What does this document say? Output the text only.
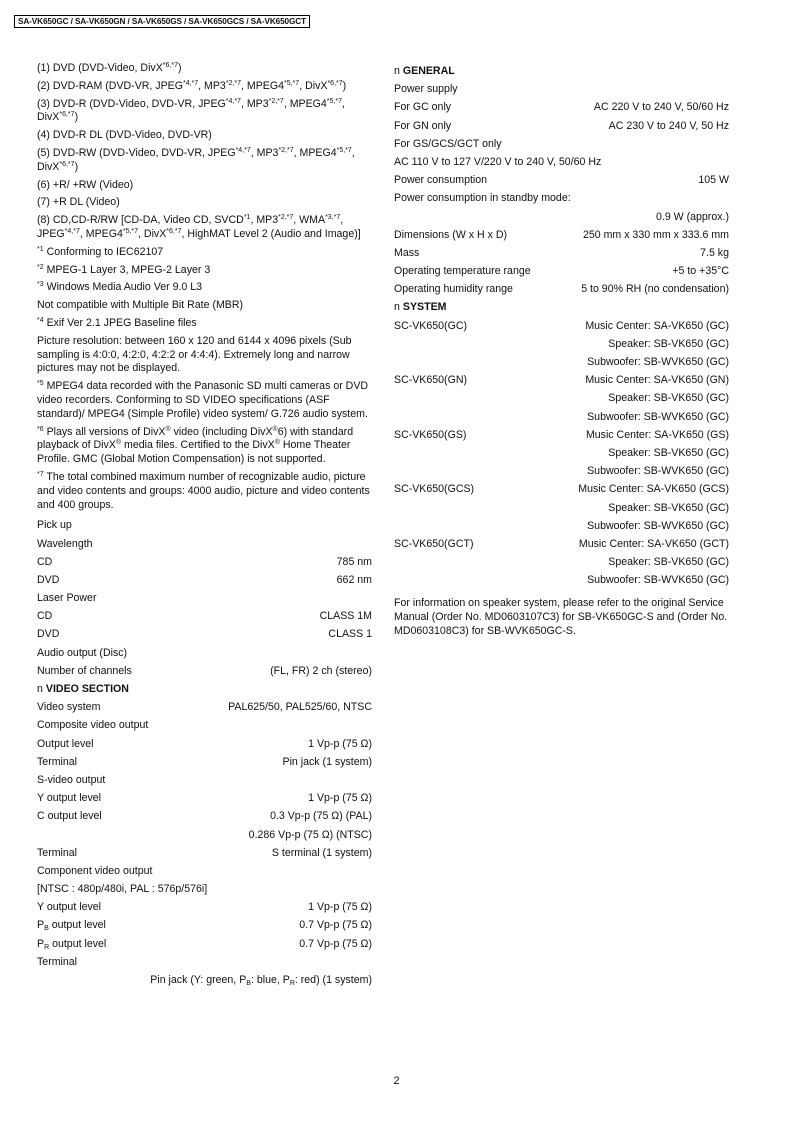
SA-VK650GC / SA-VK650GN / SA-VK650GS / SA-VK650GCS / SA-VK650GCT
(1) DVD (DVD-Video, DivX$^{*6,*7}$)
(2) DVD-RAM (DVD-VR, $JPEG^{*4,*7}$, $MP3^{*2,*7}$, $MPEG4^{*5,*7}$, DivX$^{*6,*7}$)
(3) DVD-R (DVD-Video, DVD-VR, $JPEG^{*4,*7}$, $MP3^{*2,*7}$, $MPEG4^{*5,*7}$, DivX$^{*6,*7}$)
(4) DVD-R DL (DVD-Video, DVD-VR)
(5) DVD-RW (DVD-Video, DVD-VR, $JPEG^{*4,*7}$, $MP3^{*2,*7}$, $MPEG4^{*5,*7}$, DivX$^{*6,*7}$)
(6) +R/ +RW (Video)
(7) +R DL (Video)
(8) CD,CD-R/RW [CD-DA, Video CD, SVCD$^{*1}$, $MP3^{*2,*7}$, $WMA^{*3,*7}$, $JPEG^{*4,*7}$, $MPEG4^{*5,*7}$, DivX$^{*6,*7}$, HighMAT Level 2 (Audio and Image)]
$^{*1}$ Conforming to IEC62107
$^{*2}$ MPEG-1 Layer 3, MPEG-2 Layer 3
$^{*3}$ Windows Media Audio Ver 9.0 L3
Not compatible with Multiple Bit Rate (MBR)
$^{*4}$ Exif Ver 2.1 JPEG Baseline files
Picture resolution: between 160 x 120 and 6144 x 4096 pixels (Sub sampling is 4:0:0, 4:2:0, 4:2:2 or 4:4:4). Extremely long and narrow pictures may not be displayed.
$^{*5}$ MPEG4 data recorded with the Panasonic SD multi cameras or DVD video recorders. Conforming to SD VIDEO specifications (ASF standard)/ MPEG4 (Simple Profile) video system/ G.726 audio system.
$^{*6}$ Plays all versions of DivX® video (including DivX®6) with standard playback of DivX® media files. Certified to the DivX® Home Theater Profile. GMC (Global Motion Compensation) is not supported.
$^{*7}$ The total combined maximum number of recognizable audio, picture and video contents and groups: 4000 audio, picture and video contents and 400 groups.
Pick up
Wavelength
CD	785 nm
DVD	662 nm
Laser Power
CD	CLASS 1M
DVD	CLASS 1
Audio output (Disc)
Number of channels	(FL, FR) 2 ch (stereo)
n VIDEO SECTION
Video system	PAL625/50, PAL525/60, NTSC
Composite video output
Output level	1 Vp-p (75 Ω)
Terminal	Pin jack (1 system)
S-video output
Y output level	1 Vp-p (75 Ω)
C output level	0.3 Vp-p (75 Ω) (PAL)
0.286 Vp-p (75 Ω) (NTSC)
Terminal	S terminal (1 system)
Component video output
[NTSC : 480p/480i, PAL : 576p/576i]
Y output level	1 Vp-p (75 Ω)
$P_B$ output level	0.7 Vp-p (75 Ω)
$P_R$ output level	0.7 Vp-p (75 Ω)
Terminal
Pin jack (Y: green, $P_B$: blue, $P_R$: red) (1 system)
n GENERAL
Power supply
For GC only	AC 220 V to 240 V, 50/60 Hz
For GN only	AC 230 V to 240 V, 50 Hz
For GS/GCS/GCT only
AC 110 V to 127 V/220 V to 240 V, 50/60 Hz
Power consumption	105 W
Power consumption in standby mode:
0.9 W (approx.)
Dimensions (W x H x D)	250 mm x 330 mm x 333.6 mm
Mass	7.5 kg
Operating temperature range	+5 to +35°C
Operating humidity range	5 to 90% RH (no condensation)
n SYSTEM
SC-VK650(GC)	Music Center: SA-VK650 (GC)
Speaker: SB-VK650 (GC)
Subwoofer: SB-WVK650 (GC)
SC-VK650(GN)	Music Center: SA-VK650 (GN)
Speaker: SB-VK650 (GC)
Subwoofer: SB-WVK650 (GC)
SC-VK650(GS)	Music Center: SA-VK650 (GS)
Speaker: SB-VK650 (GC)
Subwoofer: SB-WVK650 (GC)
SC-VK650(GCS)	Music Center: SA-VK650 (GCS)
Speaker: SB-VK650 (GC)
Subwoofer: SB-WVK650 (GC)
SC-VK650(GCT)	Music Center: SA-VK650 (GCT)
Speaker: SB-VK650 (GC)
Subwoofer: SB-WVK650 (GC)
For information on speaker system, please refer to the original Service Manual (Order No. MD0603107C3) for SB-VK650GC-S and (Order No. MD0603108C3) for SB-WVK650GC-S.
2
